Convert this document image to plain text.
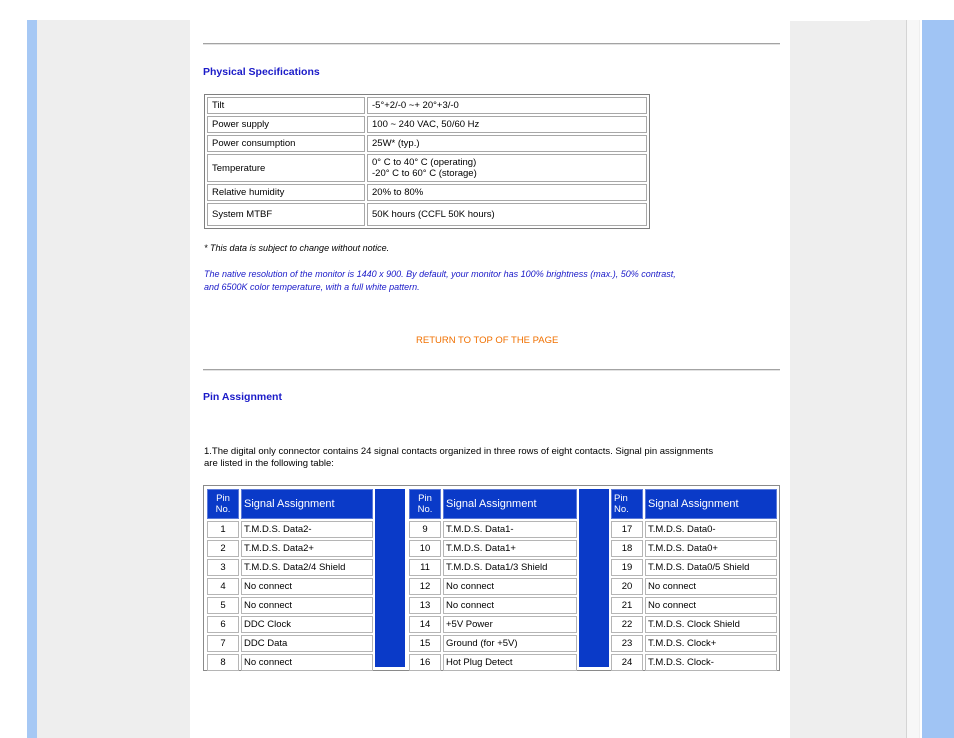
Physical Specifications
Tilt	-5°+2/-0 ~+ 20°+3/-0
Power supply	100 ~ 240 VAC, 50/60 Hz
Power consumption	25W* (typ.)
Temperature	0° C to 40° C (operating)
-20° C to 60° C (storage)

Relative humidity	20% to 80%
System MTBF	50K hours (CCFL 50K hours)
* This data is subject to change without notice.
The native resolution of the monitor is 1440 x 900. By default, your monitor has 100% brightness (max.), 50% contrast,
and 6500K color temperature, with a full white pattern.
RETURN TO TOP OF THE PAGE
Pin Assignment
1.The digital only connector contains 24 signal contacts organized in three rows of eight contacts. Signal pin assignments
are listed in the following table:
Pin
No.	Signal Assignment
1	T.M.D.S. Data2-
2	T.M.D.S. Data2+
3	T.M.D.S. Data2/4 Shield
4	No connect
5	No connect
6	DDC Clock
7	DDC Data
8	No connect
Pin
No.	Signal Assignment
9	T.M.D.S. Data1-
10	T.M.D.S. Data1+
11	T.M.D.S. Data1/3 Shield
12	No connect
13	No connect
14	+5V Power
15	Ground (for +5V)
16	Hot Plug Detect
Pin
No.	Signal Assignment
17	T.M.D.S. Data0-
18	T.M.D.S. Data0+
19	T.M.D.S. Data0/5 Shield
20	No connect
21	No connect
22	T.M.D.S. Clock Shield
23	T.M.D.S. Clock+
24	T.M.D.S. Clock-
